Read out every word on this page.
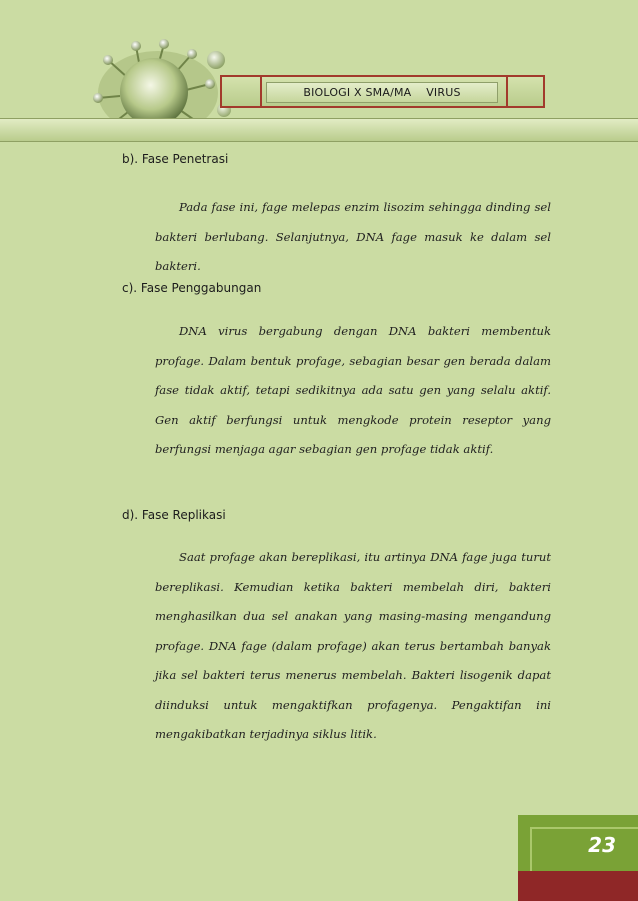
BIOLOGI X SMA/MA    VIRUS
b). Fase Penetrasi

Pada fase ini, fage melepas enzim lisozim sehingga dinding sel bakteri berlubang. Selanjutnya, DNA fage masuk ke dalam sel bakteri.

c). Fase Penggabungan

DNA virus bergabung dengan DNA bakteri membentuk profage. Dalam bentuk profage, sebagian besar gen berada dalam fase tidak aktif, tetapi sedikitnya ada satu gen yang selalu aktif. Gen aktif berfungsi untuk mengkode protein reseptor yang berfungsi menjaga agar sebagian gen profage tidak aktif.

d). Fase Replikasi

Saat profage akan bereplikasi, itu artinya DNA fage juga turut bereplikasi. Kemudian ketika bakteri membelah diri, bakteri menghasilkan dua sel anakan yang masing-masing mengandung profage. DNA fage (dalam profage) akan terus bertambah banyak jika sel bakteri terus menerus membelah. Bakteri lisogenik dapat diinduksi untuk mengaktifkan profagenya. Pengaktifan ini mengakibatkan terjadinya siklus litik.

23
